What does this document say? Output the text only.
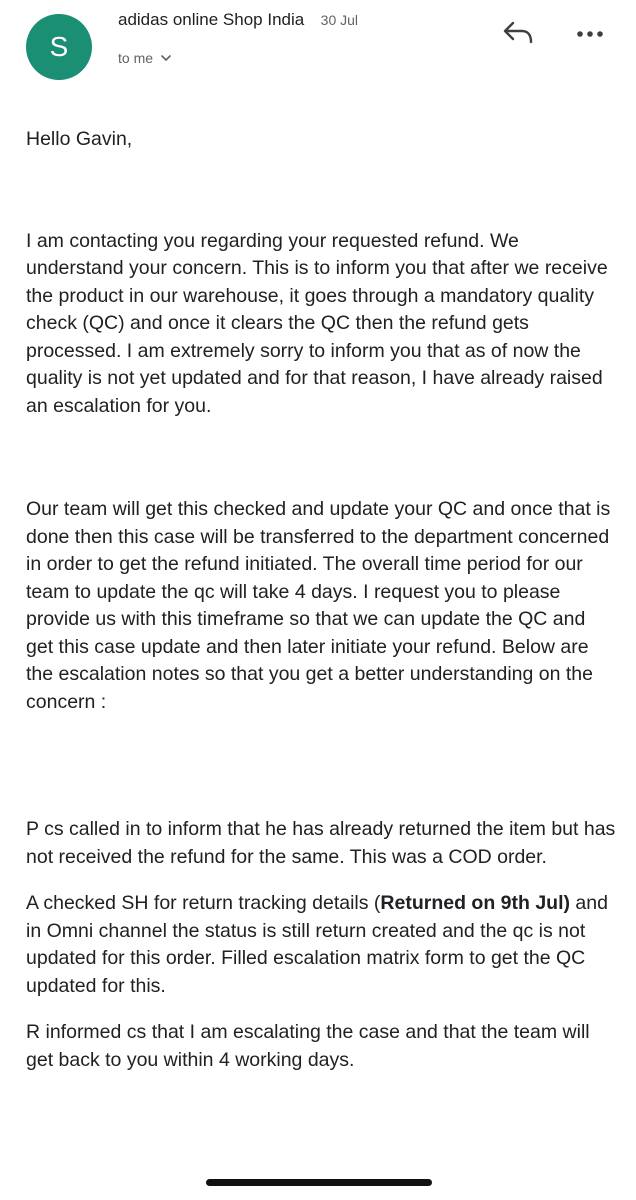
S
adidas online Shop India 30 Jul
to me

Hello Gavin,

I am contacting you regarding your requested refund. We understand your concern. This is to inform you that after we receive the product in our warehouse, it goes through a mandatory quality check (QC) and once it clears the QC then the refund gets processed. I am extremely sorry to inform you that as of now the quality is not yet updated and for that reason, I have already raised an escalation for you.

Our team will get this checked and update your QC and once that is done then this case will be transferred to the department concerned in order to get the refund initiated. The overall time period for our team to update the qc will take 4 days. I request you to please provide us with this timeframe so that we can update the QC and get this case update and then later initiate your refund. Below are the escalation notes so that you get a better understanding on the concern :

P cs called in to inform that he has already returned the item but has not received the refund for the same. This was a COD order.

A checked SH for return tracking details (Returned on 9th Jul) and in Omni channel the status is still return created and the qc is not updated for this order. Filled escalation matrix form to get the QC updated for this.

R informed cs that I am escalating the case and that the team will get back to you within 4 working days.
